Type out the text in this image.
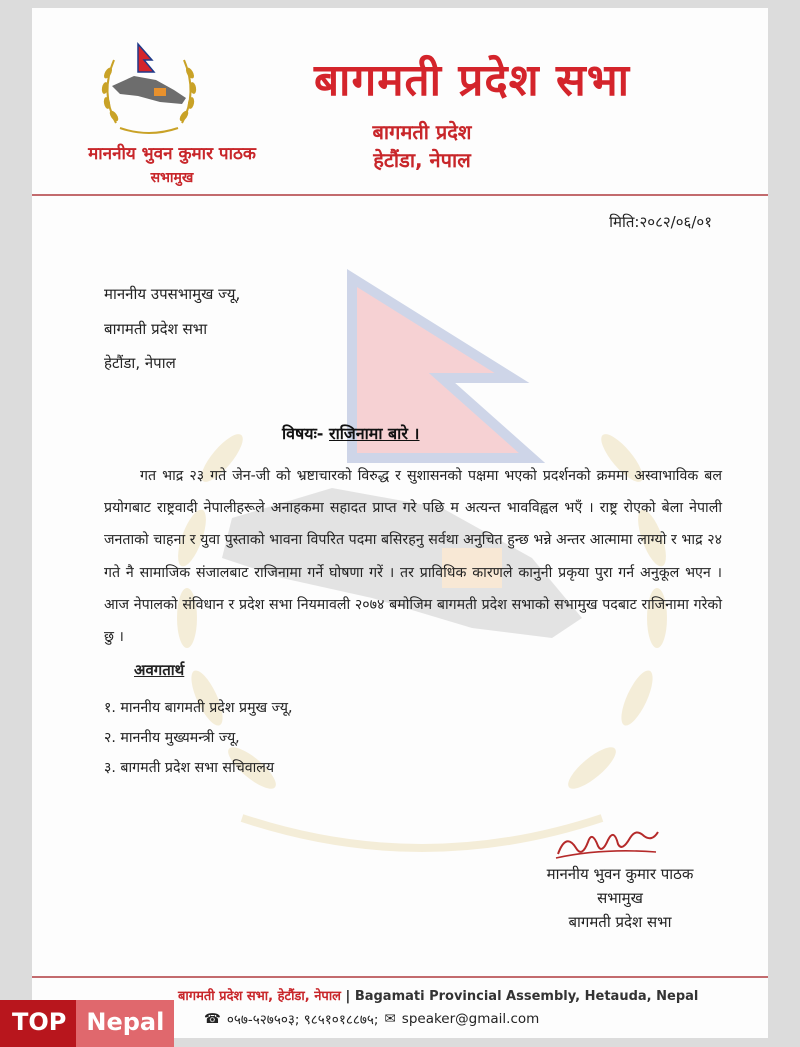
बागमती प्रदेश सभा
बागमती प्रदेश
हेटौंडा, नेपाल
माननीय भुवन कुमार पाठक
सभामुख
मिति:२०८२/०६/०१
माननीय उपसभामुख ज्यू,
बागमती प्रदेश सभा
हेटौंडा, नेपाल
विषयः- राजिनामा बारे ।
गत भाद्र २३ गते जेन-जी को भ्रष्टाचारको विरुद्ध र सुशासनको पक्षमा भएको प्रदर्शनको क्रममा अस्वाभाविक बल प्रयोगबाट राष्ट्रवादी नेपालीहरूले अनाहकमा सहादत प्राप्त गरे पछि म अत्यन्त भावविह्वल भएँ । राष्ट्र रोएको बेला नेपाली जनताको चाहना र युवा पुस्ताको भावना विपरित पदमा बसिरहनु सर्वथा अनुचित हुन्छ भन्ने अन्तर आत्मामा लाग्यो र भाद्र २४ गते नै सामाजिक संजालबाट राजिनामा गर्ने घोषणा गरें । तर प्राविधिक कारणले कानुनी प्रकृया पुरा गर्न अनुकूल भएन । आज नेपालको संविधान र प्रदेश सभा नियमावली २०७४ बमोजिम बागमती प्रदेश सभाको सभामुख पदबाट राजिनामा गरेको छु ।
अवगतार्थ
१. माननीय बागमती प्रदेश प्रमुख ज्यू,
२. माननीय मुख्यमन्त्री ज्यू,
३. बागमती प्रदेश सभा सचिवालय
माननीय भुवन कुमार पाठक
सभामुख
बागमती प्रदेश सभा
बागमती प्रदेश सभा, हेटौंडा, नेपाल | Bagamati Provincial Assembly, Hetauda, Nepal
☎ ०५७-५२७५०३; ९८५१०१८८७५; ✉ speaker@gmail.com
TOP Nepal
